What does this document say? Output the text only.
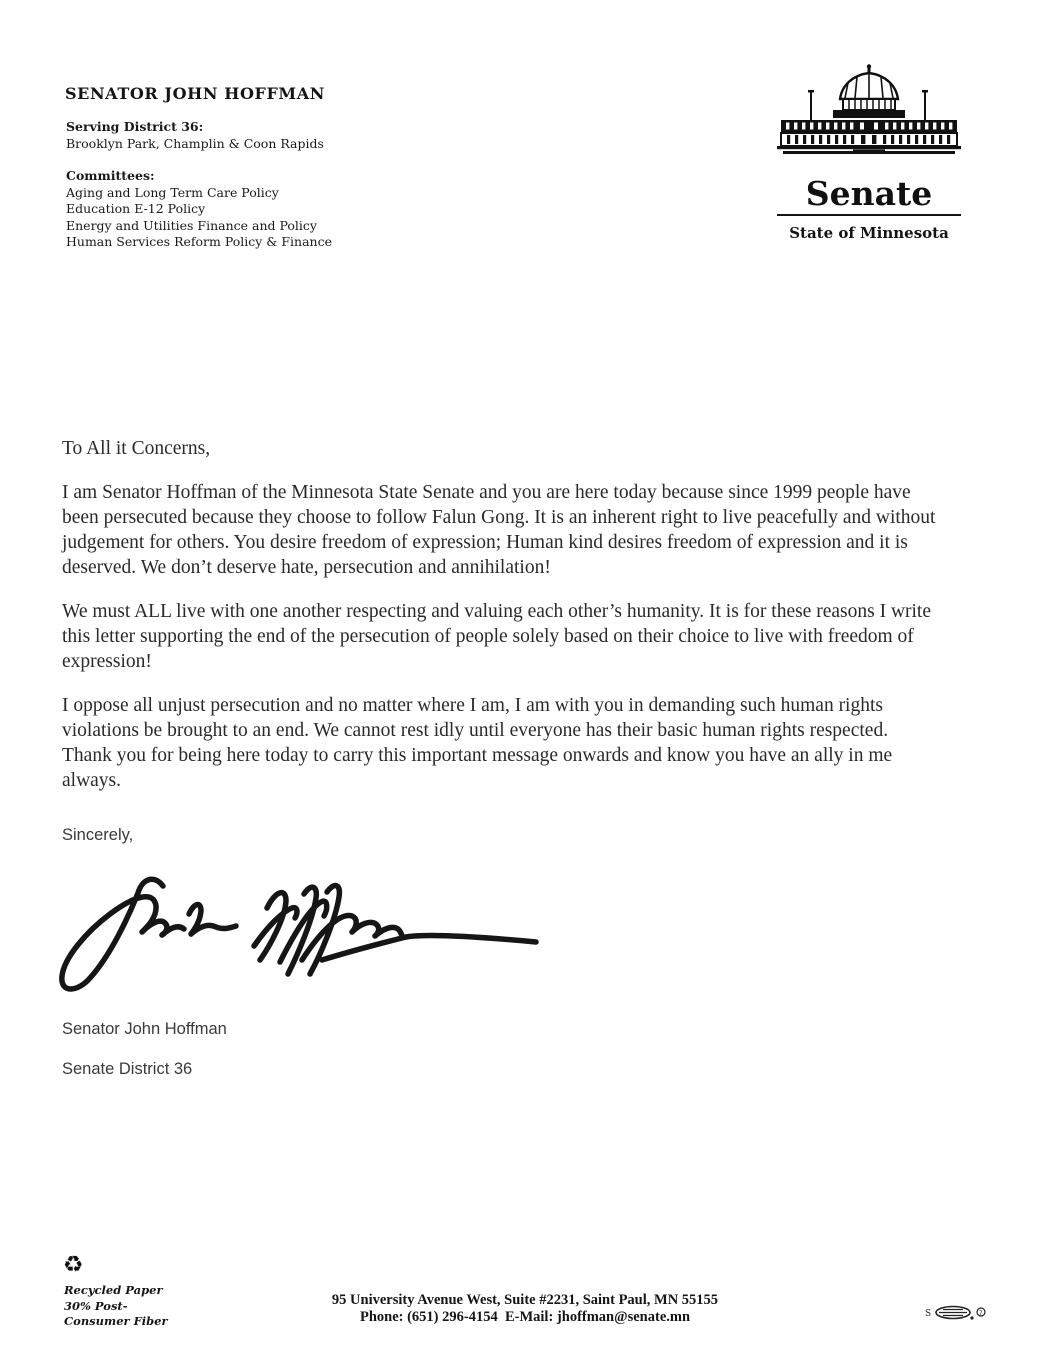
SENATOR JOHN HOFFMAN
Serving District 36:
Brooklyn Park, Champlin & Coon Rapids
Committees:
Aging and Long Term Care Policy
Education E-12 Policy
Energy and Utilities Finance and Policy
Human Services Reform Policy & Finance
Senate
State of Minnesota

To All it Concerns,

I am Senator Hoffman of the Minnesota State Senate and you are here today because since 1999 people have
been persecuted because they choose to follow Falun Gong. It is an inherent right to live peacefully and without
judgement for others. You desire freedom of expression; Human kind desires freedom of expression and it is
deserved. We don’t deserve hate, persecution and annihilation!

We must ALL live with one another respecting and valuing each other’s humanity. It is for these reasons I write
this letter supporting the end of the persecution of people solely based on their choice to live with freedom of
expression!

I oppose all unjust persecution and no matter where I am, I am with you in demanding such human rights
violations be brought to an end. We cannot rest idly until everyone has their basic human rights respected.
Thank you for being here today to carry this important message onwards and know you have an ally in me
always.

Sincerely,
Senator John Hoffman
Senate District 36
♻
Recycled Paper
30% Post-
Consumer Fiber
95 University Avenue West, Suite #2231, Saint Paul, MN 55155
Phone: (651) 296-4154 E-Mail: jhoffman@senate.mn	S	7
